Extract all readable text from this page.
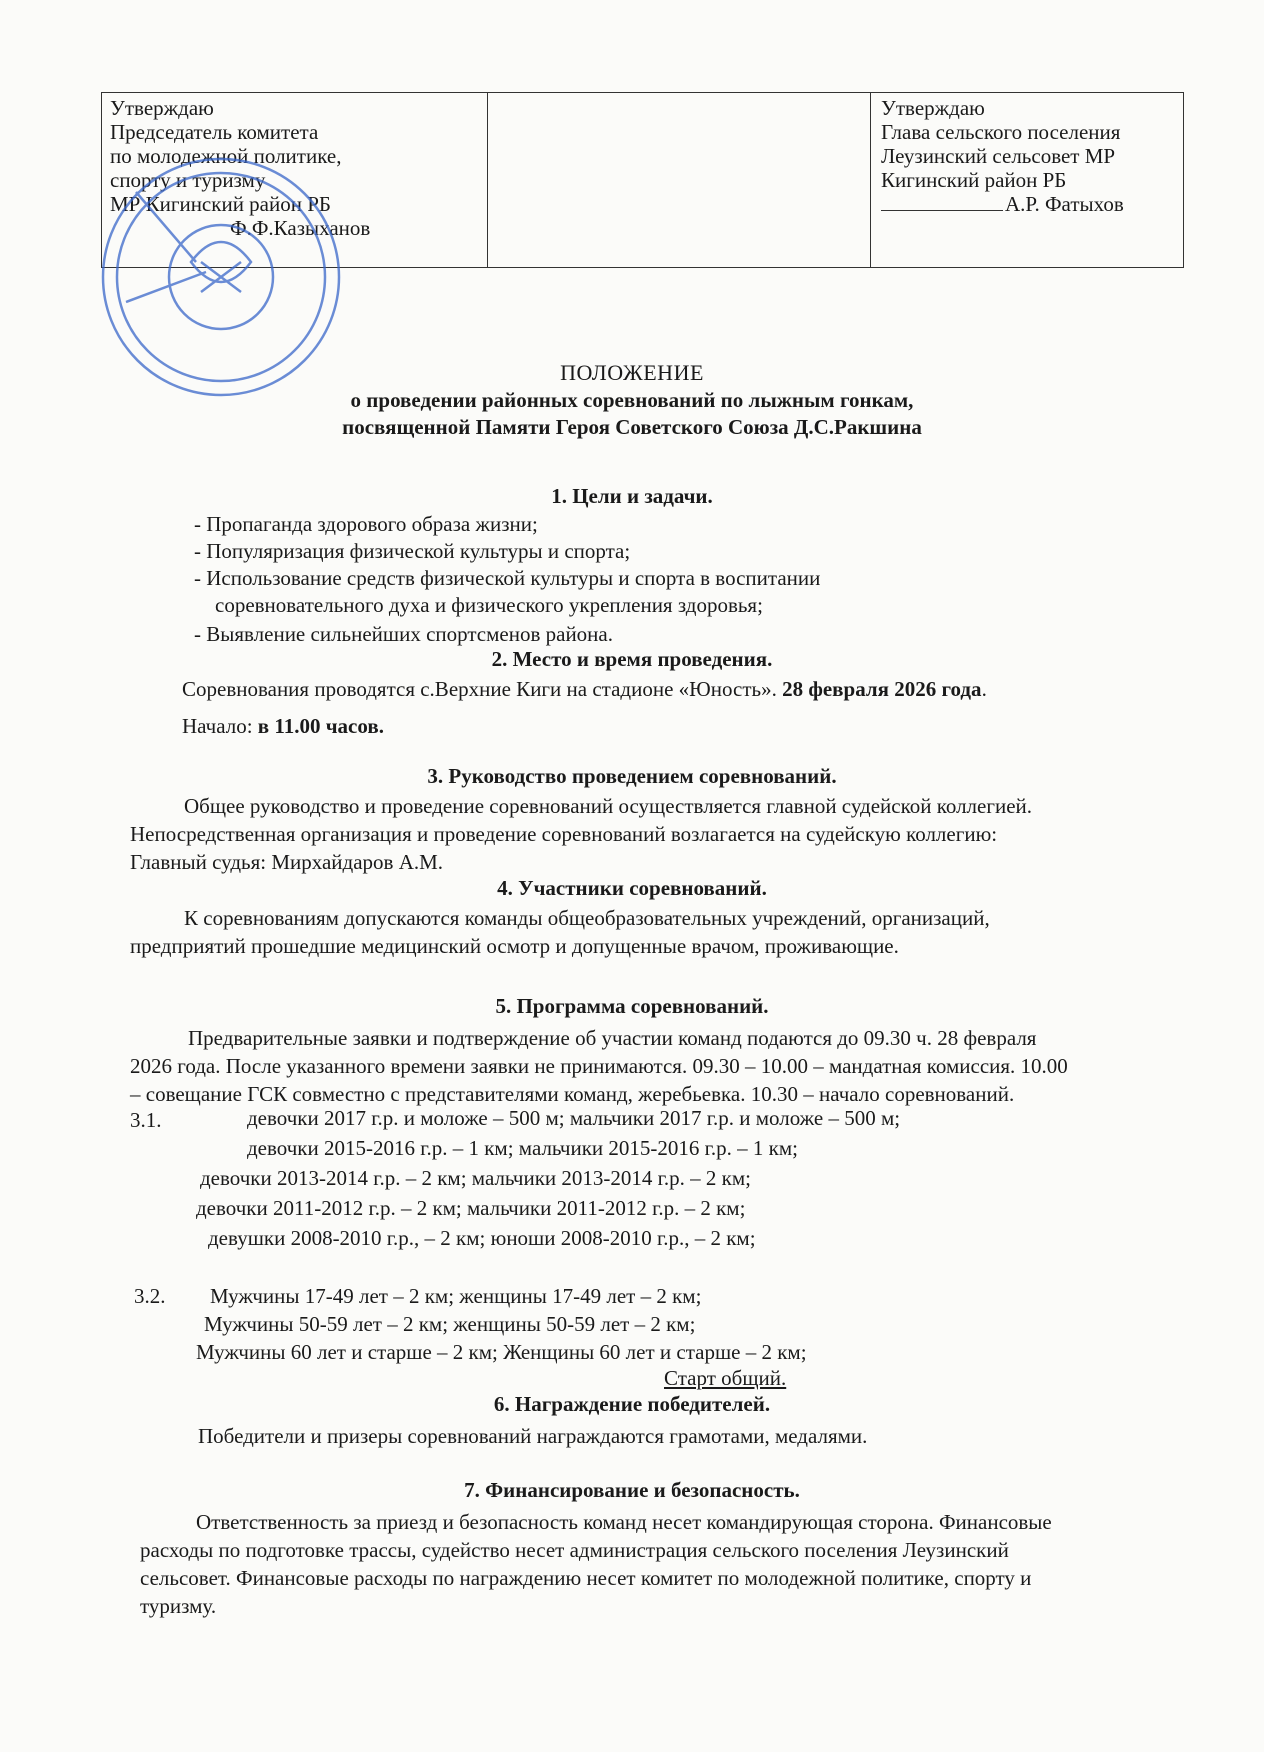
Утверждаю
Председатель комитета
по молодежной политике,
спорту и туризму
МР Кигинский район РБ
Ф.Ф.Казыханов
Утверждаю
Глава сельского поселения
Леузинский сельсовет МР
Кигинский район РБ
А.Р. Фатыхов
ПОЛОЖЕНИЕ
о проведении районных соревнований по лыжным гонкам,
посвященной Памяти Героя Советского Союза Д.С.Ракшина
1. Цели и задачи.
- Пропаганда здорового образа жизни;
- Популяризация физической культуры и спорта;
- Использование средств физической культуры и спорта в воспитании
соревновательного духа и физического укрепления здоровья;
- Выявление сильнейших спортсменов района.
2. Место и время проведения.
Соревнования проводятся с.Верхние Киги на стадионе «Юность». 28 февраля 2026 года.
Начало: в 11.00 часов.
3. Руководство проведением соревнований.
Общее руководство и проведение соревнований осуществляется главной судейской коллегией.
Непосредственная организация и проведение соревнований возлагается на судейскую коллегию:
Главный судья: Мирхайдаров А.М.
4. Участники соревнований.
К соревнованиям допускаются команды общеобразовательных учреждений, организаций,
предприятий прошедшие медицинский осмотр и допущенные врачом, проживающие.
5. Программа соревнований.
Предварительные заявки и подтверждение об участии команд подаются до 09.30 ч. 28 февраля
2026 года. После указанного времени заявки не принимаются. 09.30 – 10.00 – мандатная комиссия. 10.00
– совещание ГСК совместно с представителями команд, жеребьевка. 10.30 – начало соревнований.
3.1.	девочки 2017 г.р. и моложе – 500 м; мальчики 2017 г.р. и моложе – 500 м;
девочки 2015-2016 г.р. – 1 км; мальчики 2015-2016 г.р. – 1 км;
девочки 2013-2014 г.р. – 2 км; мальчики 2013-2014 г.р. – 2 км;
девочки 2011-2012 г.р. – 2 км; мальчики 2011-2012 г.р. – 2 км;
девушки 2008-2010 г.р., – 2 км; юноши 2008-2010 г.р., – 2 км;
3.2. Мужчины 17-49 лет – 2 км; женщины 17-49 лет – 2 км;
Мужчины 50-59 лет – 2 км; женщины 50-59 лет – 2 км;
Мужчины 60 лет и старше – 2 км; Женщины 60 лет и старше – 2 км;
Старт общий.
6. Награждение победителей.
Победители и призеры соревнований награждаются грамотами, медалями.
7. Финансирование и безопасность.
Ответственность за приезд и безопасность команд несет командирующая сторона. Финансовые
расходы по подготовке трассы, судейство несет администрация сельского поселения Леузинский
сельсовет. Финансовые расходы по награждению несет комитет по молодежной политике, спорту и
туризму.
